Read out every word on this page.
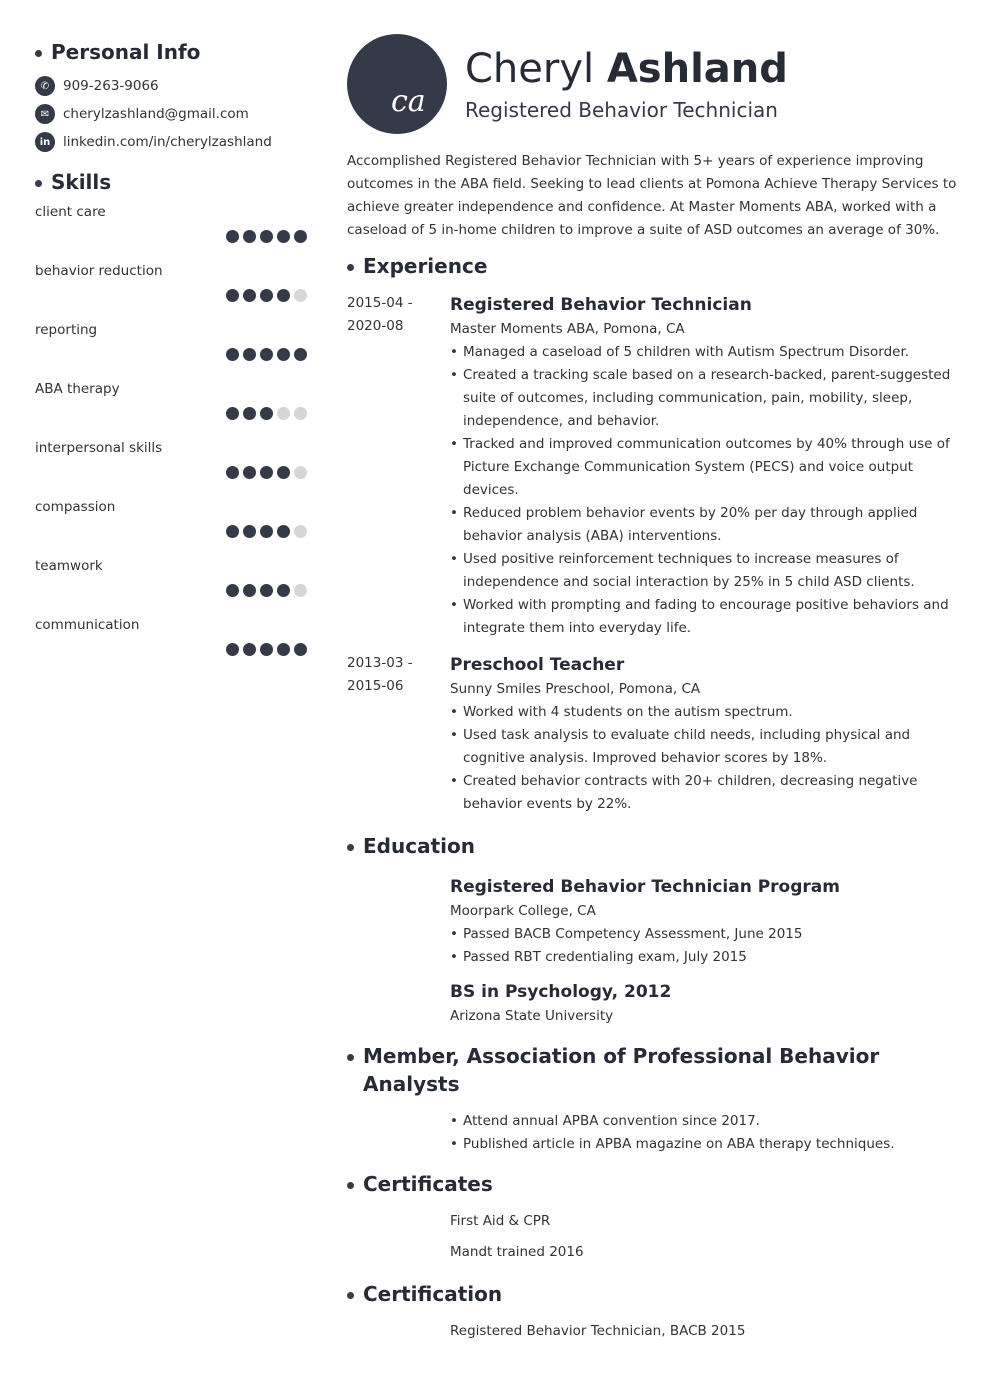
Personal Info
✆	909-263-9066
✉	cherylzashland@gmail.com
in linkedin.com/in/cherylzashland
Skills
client care
behavior reduction
reporting
ABA therapy
interpersonal skills
compassion
teamwork
communication
ca
Cheryl Ashland
Registered Behavior Technician

Accomplished Registered Behavior Technician with 5+ years of experience improving outcomes in the ABA field. Seeking to lead clients at Pomona Achieve Therapy Services to achieve greater independence and confidence. At Master Moments ABA, worked with a caseload of 5 in-home children to improve a suite of ASD outcomes an average of 30%.

Experience
2015-04 - 2020-08
Registered Behavior Technician
Master Moments ABA, Pomona, CA
• Managed a caseload of 5 children with Autism Spectrum Disorder.
• Created a tracking scale based on a research-backed, parent-suggested suite of outcomes, including communication, pain, mobility, sleep, independence, and behavior.
• Tracked and improved communication outcomes by 40% through use of Picture Exchange Communication System (PECS) and voice output devices.
• Reduced problem behavior events by 20% per day through applied behavior analysis (ABA) interventions.
• Used positive reinforcement techniques to increase measures of independence and social interaction by 25% in 5 child ASD clients.
• Worked with prompting and fading to encourage positive behaviors and integrate them into everyday life.
2013-03 - 2015-06
Preschool Teacher
Sunny Smiles Preschool, Pomona, CA
• Worked with 4 students on the autism spectrum.
• Used task analysis to evaluate child needs, including physical and cognitive analysis. Improved behavior scores by 18%.
• Created behavior contracts with 20+ children, decreasing negative behavior events by 22%.
Education
Registered Behavior Technician Program
Moorpark College, CA
• Passed BACB Competency Assessment, June 2015
• Passed RBT credentialing exam, July 2015
BS in Psychology, 2012
Arizona State University
Member, Association of Professional Behavior Analysts
• Attend annual APBA convention since 2017.
• Published article in APBA magazine on ABA therapy techniques.
Certificates

First Aid & CPR

Mandt trained 2016

Certification

Registered Behavior Technician, BACB 2015
